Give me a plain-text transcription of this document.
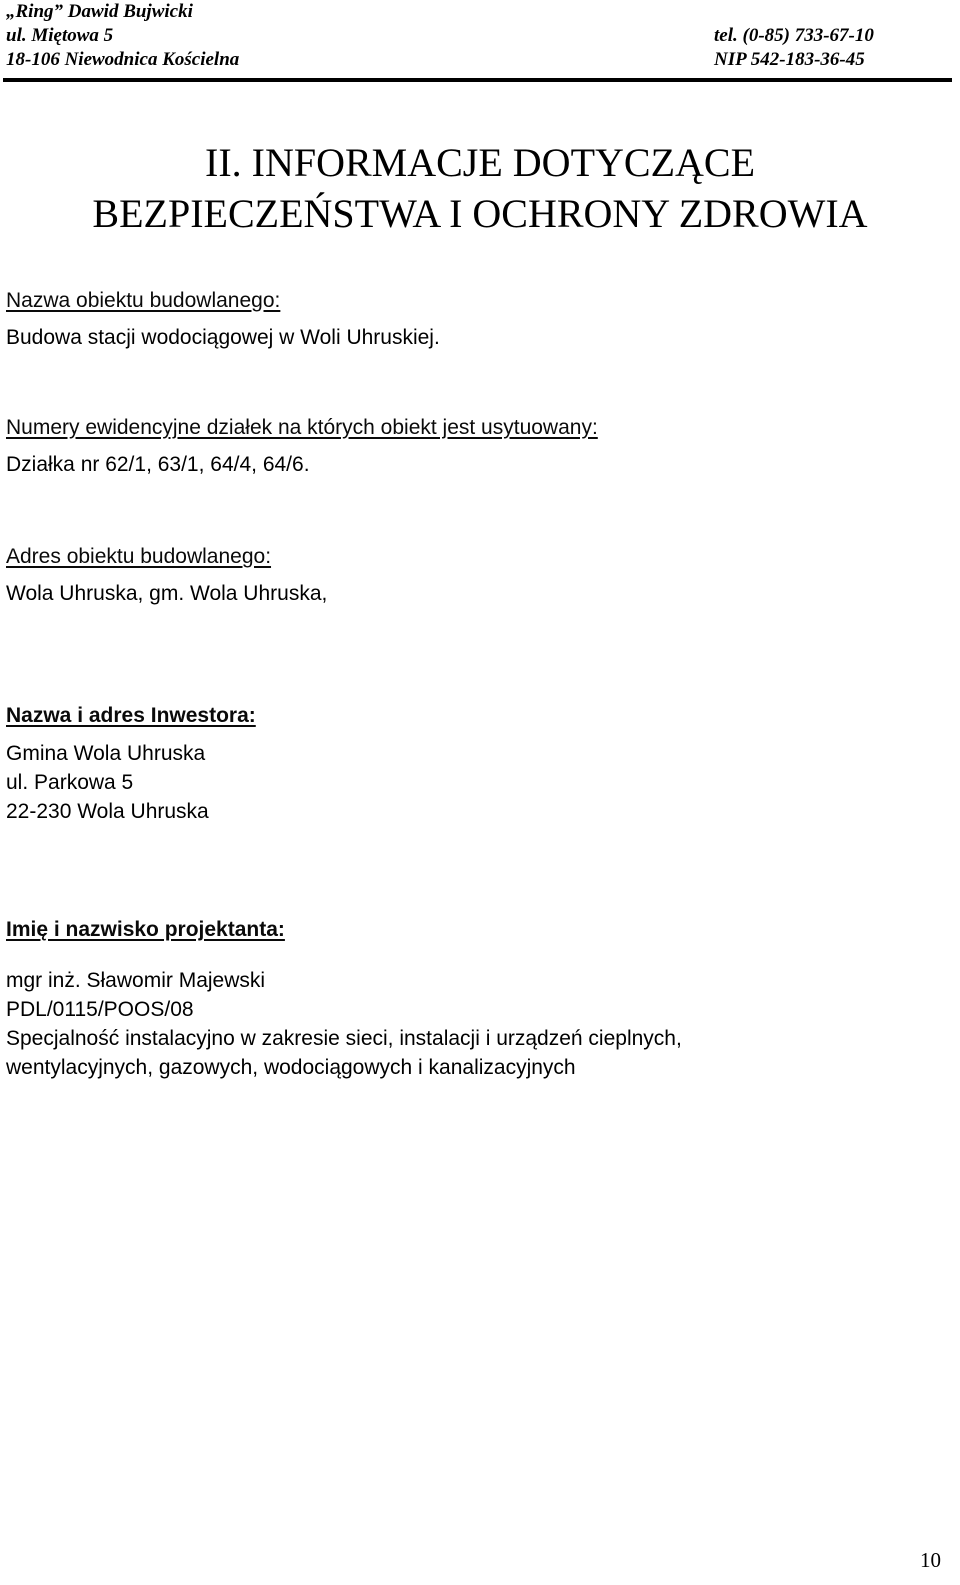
„Ring” Dawid Bujwicki
ul. Miętowa 5
18-106 Niewodnica Kościelna

tel. (0-85) 733-67-10
NIP 542-183-36-45
II. INFORMACJE DOTYCZĄCE
BEZPIECZEŃSTWA I OCHRONY ZDROWIA
Nazwa obiektu budowlanego:
Budowa stacji wodociągowej w Woli Uhruskiej.
Numery ewidencyjne działek na których obiekt jest usytuowany:
Działka nr 62/1, 63/1, 64/4, 64/6.
Adres obiektu budowlanego:
Wola Uhruska, gm. Wola Uhruska,
Nazwa i adres Inwestora:
Gmina Wola Uhruska
ul. Parkowa 5
22-230 Wola Uhruska
Imię i nazwisko projektanta:
mgr inż. Sławomir Majewski
PDL/0115/POOS/08
Specjalność instalacyjno w zakresie sieci, instalacji i urządzeń cieplnych,
wentylacyjnych, gazowych, wodociągowych i kanalizacyjnych
10
